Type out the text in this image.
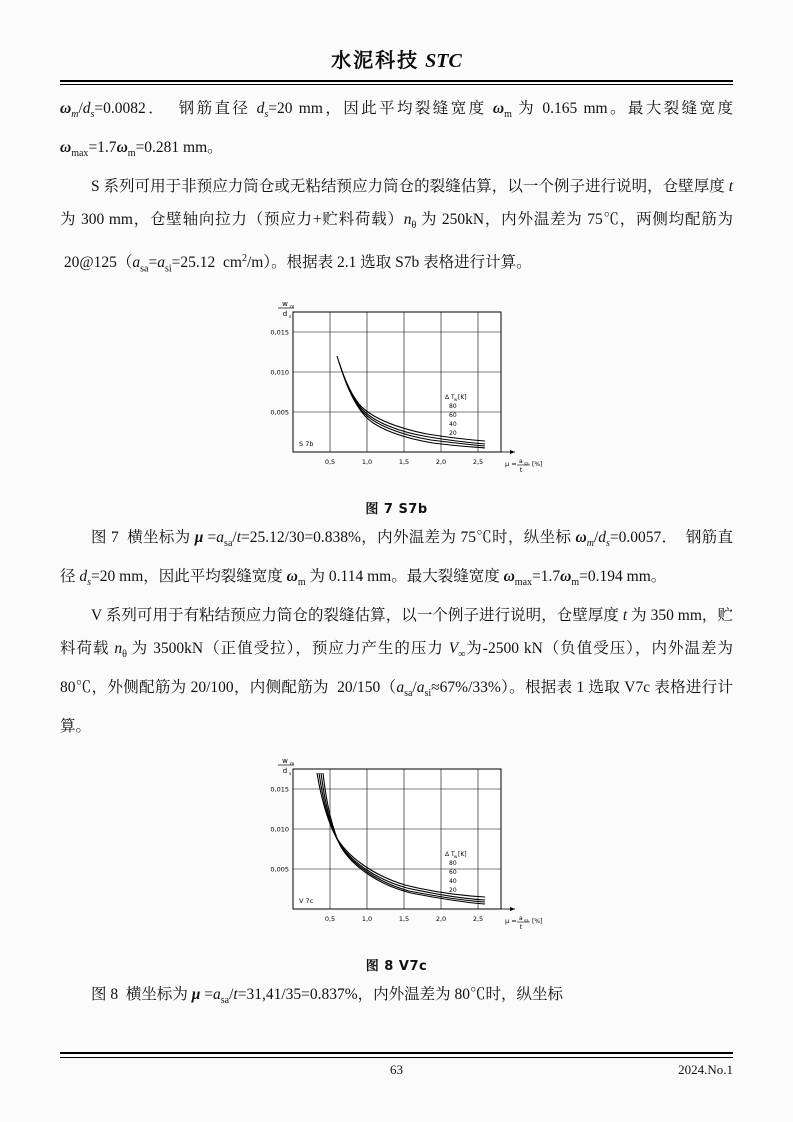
水泥科技 STC

$\omega_m/d_s=0.0082$．  钢筋直径 $d_s=20$ mm，因此平均裂缝宽度 $\omega_m$ 为 0.165 mm。最大裂缝宽度 $\omega_{max}=1.7\omega_m=0.281$ mm。

S 系列可用于非预应力筒仓或无粘结预应力筒仓的裂缝估算，以一个例子进行说明，仓壁厚度 t 为 300 mm，仓壁轴向拉力（预应力+贮料荷载）$n_\theta$ 为 250kN，内外温差为 75℃，两侧均配筋为  $20@125(a_{sa}=a_{si}=25.12$  $cm^2/m$）。根据表 2.1 选取 S7b 表格进行计算。

w m
d s
0,015
0,010
0,005
0,5	1,0	1,5	2,0	2,5	μ = a sa
t
[%]
S 7b
Δ T w [K]
80
60
40
20
图 7 S7b

图 7  横坐标为 $\mu =a_{sa}/t=25.12/30=0.838\%$，内外温差为 75℃时，纵坐标 $\omega_m/d_s=0.0057$．  钢筋直径 $d_s=20$ mm，因此平均裂缝宽度 $\omega_m$ 为 0.114 mm。最大裂缝宽度 $\omega_{max}=1.7\omega_m=0.194$ mm。

V 系列可用于有粘结预应力筒仓的裂缝估算，以一个例子进行说明，仓壁厚度 t 为 350 mm，贮料荷载 $n_\theta$ 为 3500kN（正值受拉），预应力产生的压力 $V_\infty$为-2500 kN（负值受压），内外温差为 80℃，外侧配筋为 20/100，内侧配筋为  $20/150(a_{sa}/a_{si}\approx 67\%/33\%)$。根据表 1 选取 V7c 表格进行计算。

w m
d s
0,015
0,010
0,005
0,5	1,0	1,5	2,0	2,5	μ = a sa
t
[%]
V 7c
Δ T w [K]
80
60
40
20
图 8 V7c

图 8  横坐标为 $\mu =a_{sa}/t=31,41/35=0.837\%$，内外温差为 80℃时，纵坐标

63	2024.No.1
